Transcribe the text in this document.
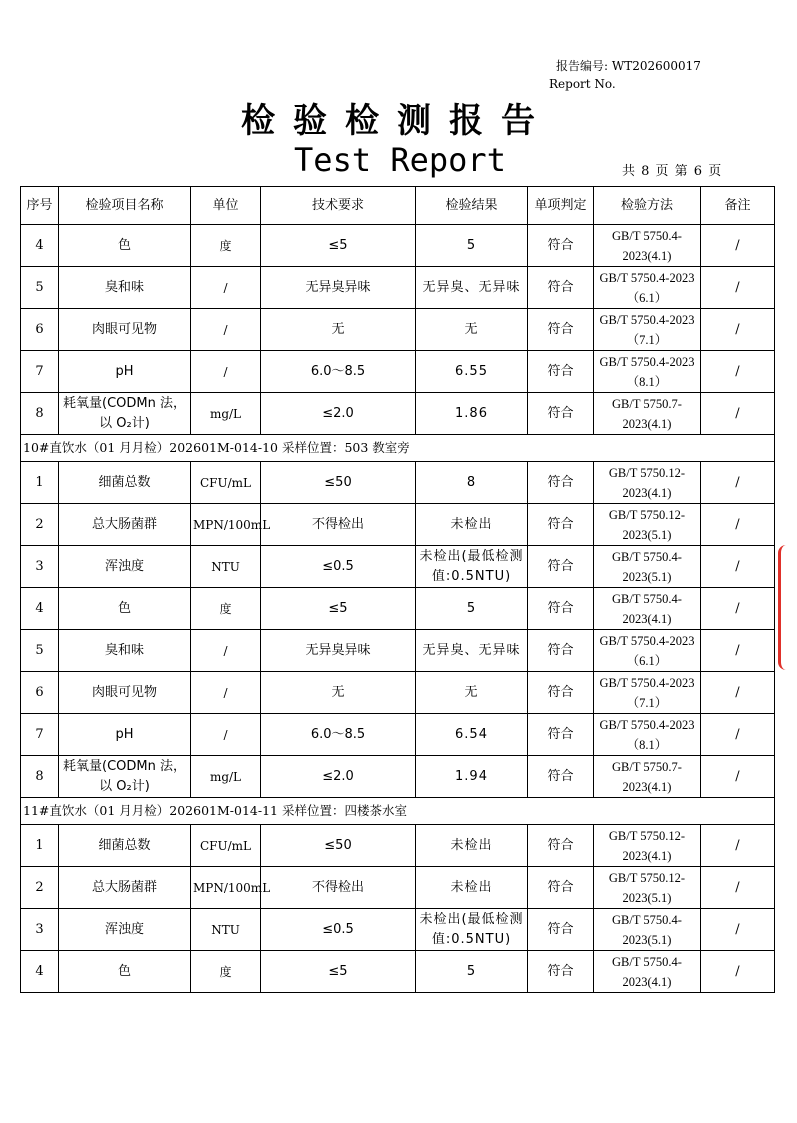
报告编号: WT202600017
Report No.
检验检测报告
Test Report	共 8 页 第 6 页
序号	检验项目名称	单位	技术要求	检验结果	单项判定	检验方法	备注
4	色	度	≤5	5	符合	GB/T 5750.4-2023(4.1)	/
5	臭和味	/	无异臭异味	无异臭、无异味	符合	GB/T 5750.4-2023（6.1）	/
6	肉眼可见物	/	无	无	符合	GB/T 5750.4-2023（7.1）	/
7	pH	/	6.0～8.5	6.55	符合	GB/T 5750.4-2023（8.1）	/
8	耗氧量(CODMn 法，以 O₂计)	mg/L	≤2.0	1.86	符合	GB/T 5750.7-2023(4.1)	/
10#直饮水（01 月月检）202601M-014-10 采样位置：503 教室旁							
1	细菌总数	CFU/mL	≤50	8	符合	GB/T 5750.12-2023(4.1)	/
2	总大肠菌群	MPN/100mL	不得检出	未检出	符合	GB/T 5750.12-2023(5.1)	/
3	浑浊度	NTU	≤0.5	未检出(最低检测值:0.5NTU)	符合	GB/T 5750.4-2023(5.1)	/
4	色	度	≤5	5	符合	GB/T 5750.4-2023(4.1)	/
5	臭和味	/	无异臭异味	无异臭、无异味	符合	GB/T 5750.4-2023（6.1）	/
6	肉眼可见物	/	无	无	符合	GB/T 5750.4-2023（7.1）	/
7	pH	/	6.0～8.5	6.54	符合	GB/T 5750.4-2023（8.1）	/
8	耗氧量(CODMn 法，以 O₂计)	mg/L	≤2.0	1.94	符合	GB/T 5750.7-2023(4.1)	/
11#直饮水（01 月月检）202601M-014-11 采样位置：四楼茶水室							
1	细菌总数	CFU/mL	≤50	未检出	符合	GB/T 5750.12-2023(4.1)	/
2	总大肠菌群	MPN/100mL	不得检出	未检出	符合	GB/T 5750.12-2023(5.1)	/
3	浑浊度	NTU	≤0.5	未检出(最低检测值:0.5NTU)	符合	GB/T 5750.4-2023(5.1)	/
4	色	度	≤5	5	符合	GB/T 5750.4-2023(4.1)	/
